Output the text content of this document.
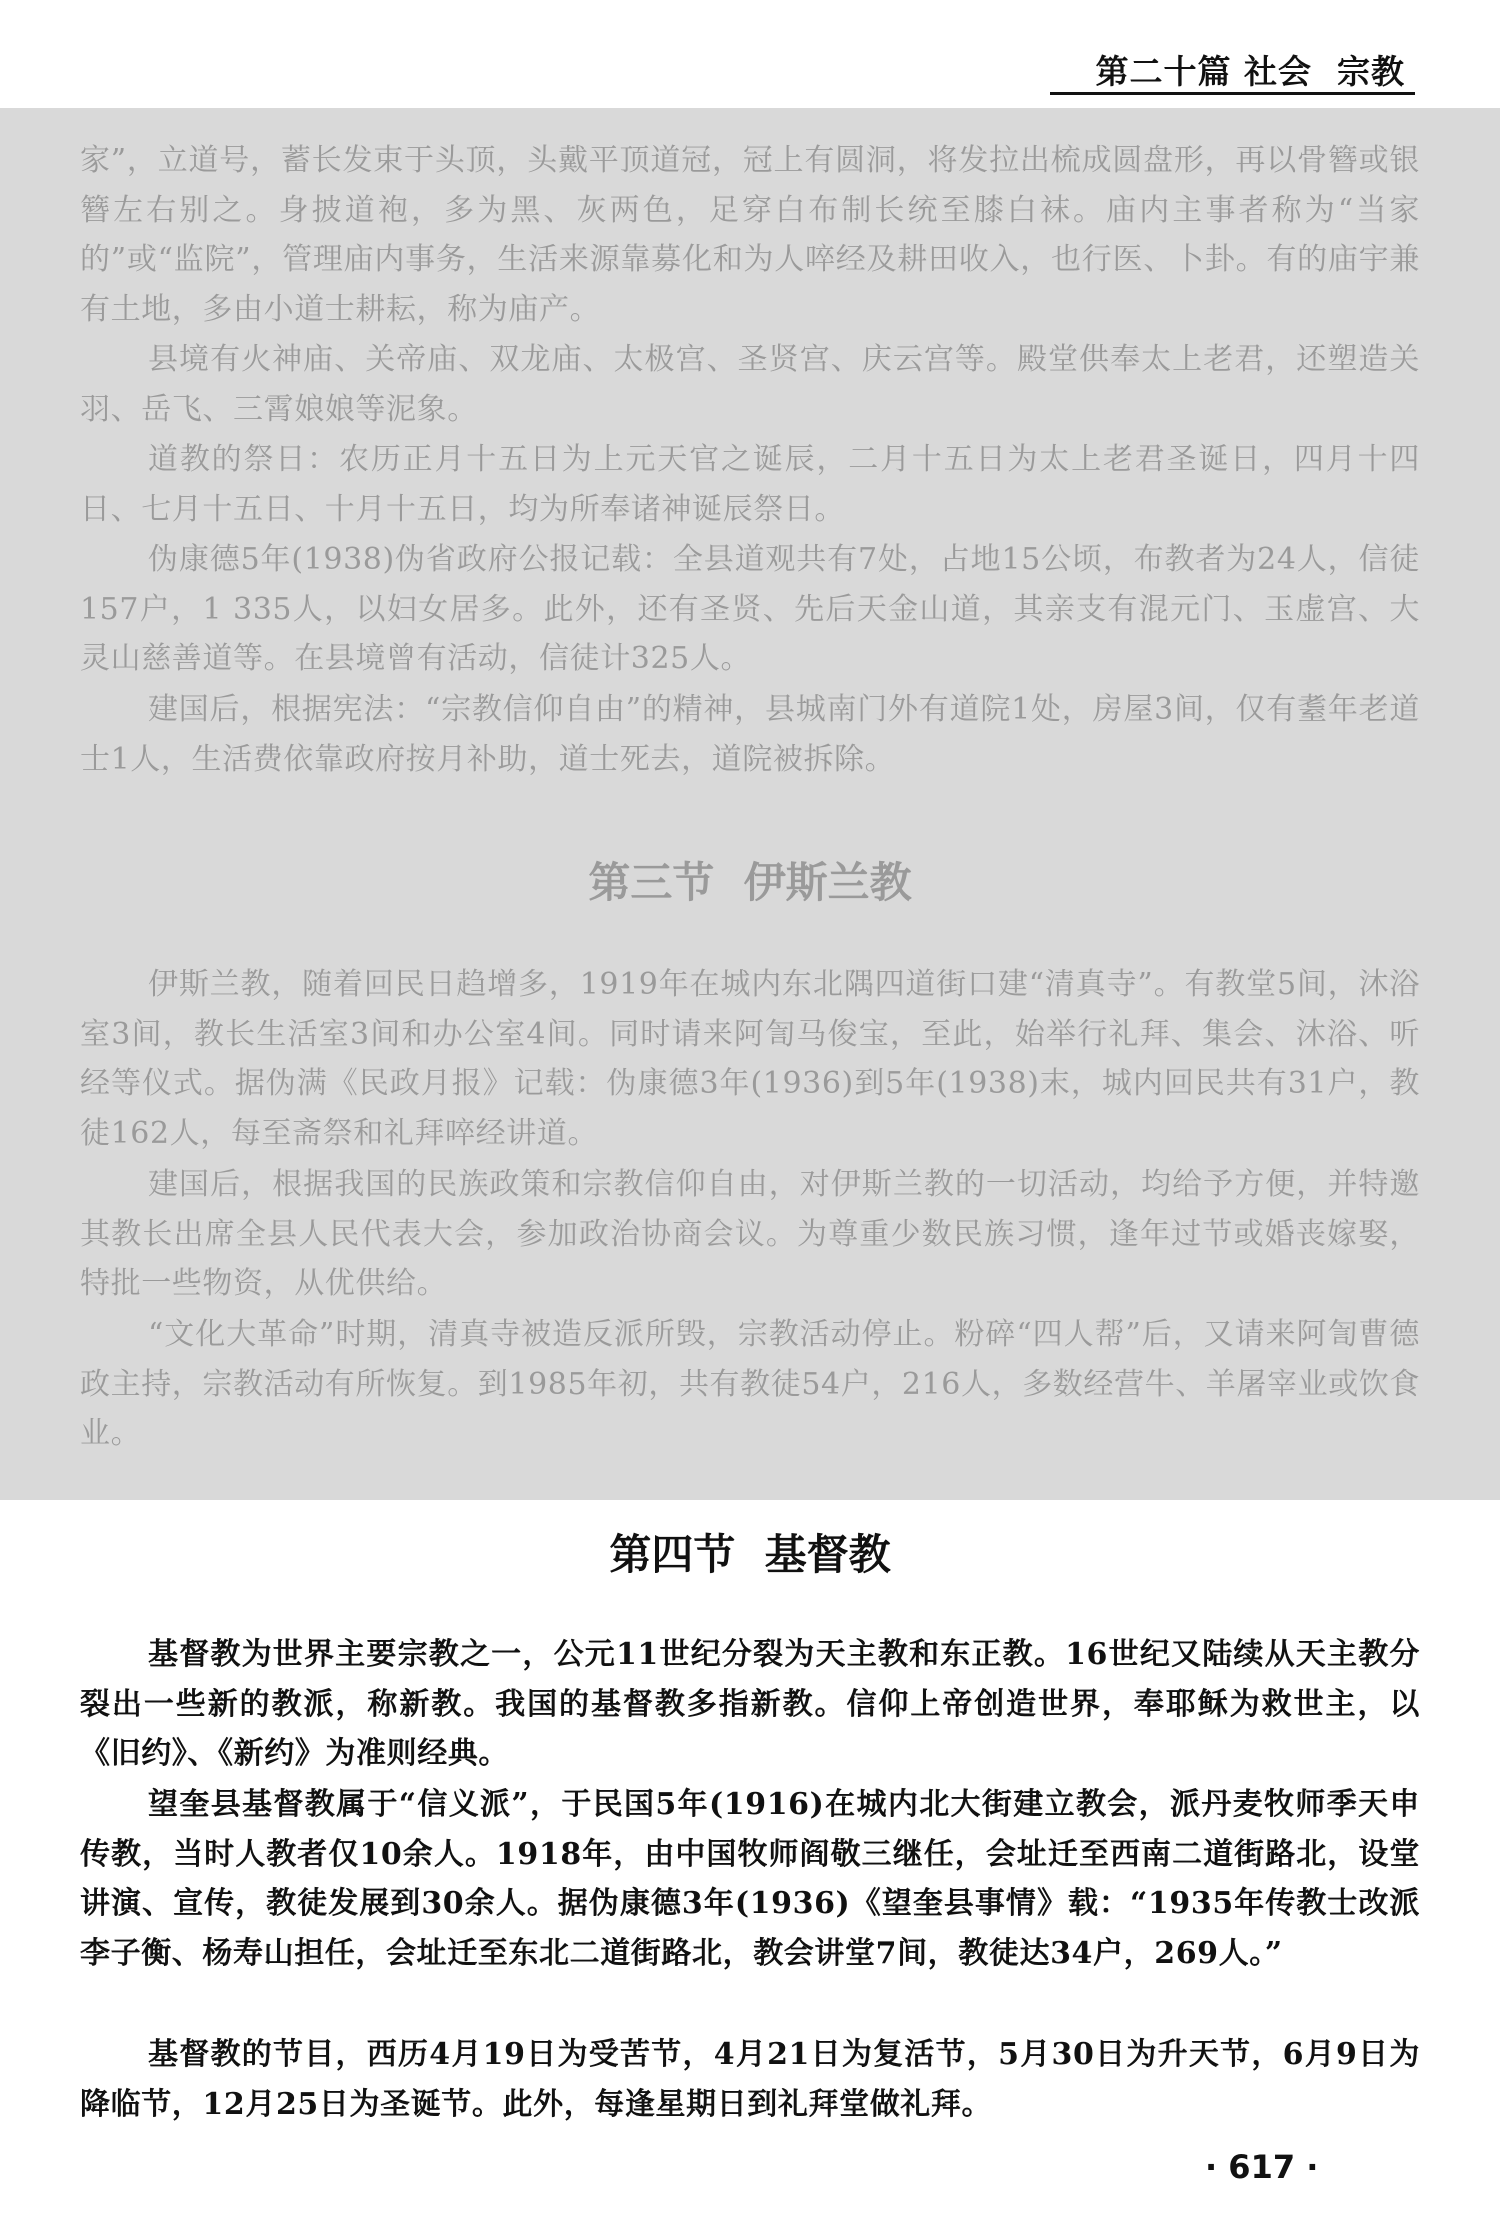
第二十篇 社会  宗教

家”，立道号，蓄长发束于头顶，头戴平顶道冠，冠上有圆洞，将发拉出梳成圆盘形，再以骨簪或银簪左右别之。身披道袍，多为黑、灰两色，足穿白布制长统至膝白袜。庙内主事者称为“当家的”或“监院”，管理庙内事务，生活来源靠募化和为人啐经及耕田收入，也行医、卜卦。有的庙宇兼有土地，多由小道士耕耘，称为庙产。

县境有火神庙、关帝庙、双龙庙、太极宫、圣贤宫、庆云宫等。殿堂供奉太上老君，还塑造关羽、岳飞、三霄娘娘等泥象。

道教的祭日：农历正月十五日为上元天官之诞辰，二月十五日为太上老君圣诞日，四月十四日、七月十五日、十月十五日，均为所奉诸神诞辰祭日。

伪康德5年(1938)伪省政府公报记载：全县道观共有7处，占地15公顷，布教者为24人，信徒157户，1 335人，以妇女居多。此外，还有圣贤、先后天金山道，其亲支有混元门、玉虚宫、大灵山慈善道等。在县境曾有活动，信徒计325人。

建国后，根据宪法：“宗教信仰自由”的精神，县城南门外有道院1处，房屋3间，仅有耋年老道士1人，生活费依靠政府按月补助，道士死去，道院被拆除。

第三节  伊斯兰教

伊斯兰教，随着回民日趋增多，1919年在城内东北隅四道街口建“清真寺”。有教堂5间，沐浴室3间，教长生活室3间和办公室4间。同时请来阿訇马俊宝，至此，始举行礼拜、集会、沐浴、听经等仪式。据伪满《民政月报》记载：伪康德3年(1936)到5年(1938)末，城内回民共有31户，教徒162人，每至斋祭和礼拜啐经讲道。

建国后，根据我国的民族政策和宗教信仰自由，对伊斯兰教的一切活动，均给予方便，并特邀其教长出席全县人民代表大会，参加政治协商会议。为尊重少数民族习惯，逢年过节或婚丧嫁娶，特批一些物资，从优供给。

“文化大革命”时期，清真寺被造反派所毁，宗教活动停止。粉碎“四人帮”后，又请来阿訇曹德政主持，宗教活动有所恢复。到1985年初，共有教徒54户，216人，多数经营牛、羊屠宰业或饮食业。

第四节  基督教

基督教为世界主要宗教之一，公元11世纪分裂为天主教和东正教。16世纪又陆续从天主教分裂出一些新的教派，称新教。我国的基督教多指新教。信仰上帝创造世界，奉耶稣为救世主，以《旧约》、《新约》为准则经典。

望奎县基督教属于“信义派”，于民国5年(1916)在城内北大街建立教会，派丹麦牧师季天申传教，当时人教者仅10余人。1918年，由中国牧师阎敬三继任，会址迁至西南二道街路北，设堂讲演、宣传，教徒发展到30余人。据伪康德3年(1936)《望奎县事情》载：“1935年传教士改派李子衡、杨寿山担任，会址迁至东北二道街路北，教会讲堂7间，教徒达34户，269人。”

基督教的节目，西历4月19日为受苦节，4月21日为复活节，5月30日为升天节，6月9日为降临节，12月25日为圣诞节。此外，每逢星期日到礼拜堂做礼拜。

· 617 ·
